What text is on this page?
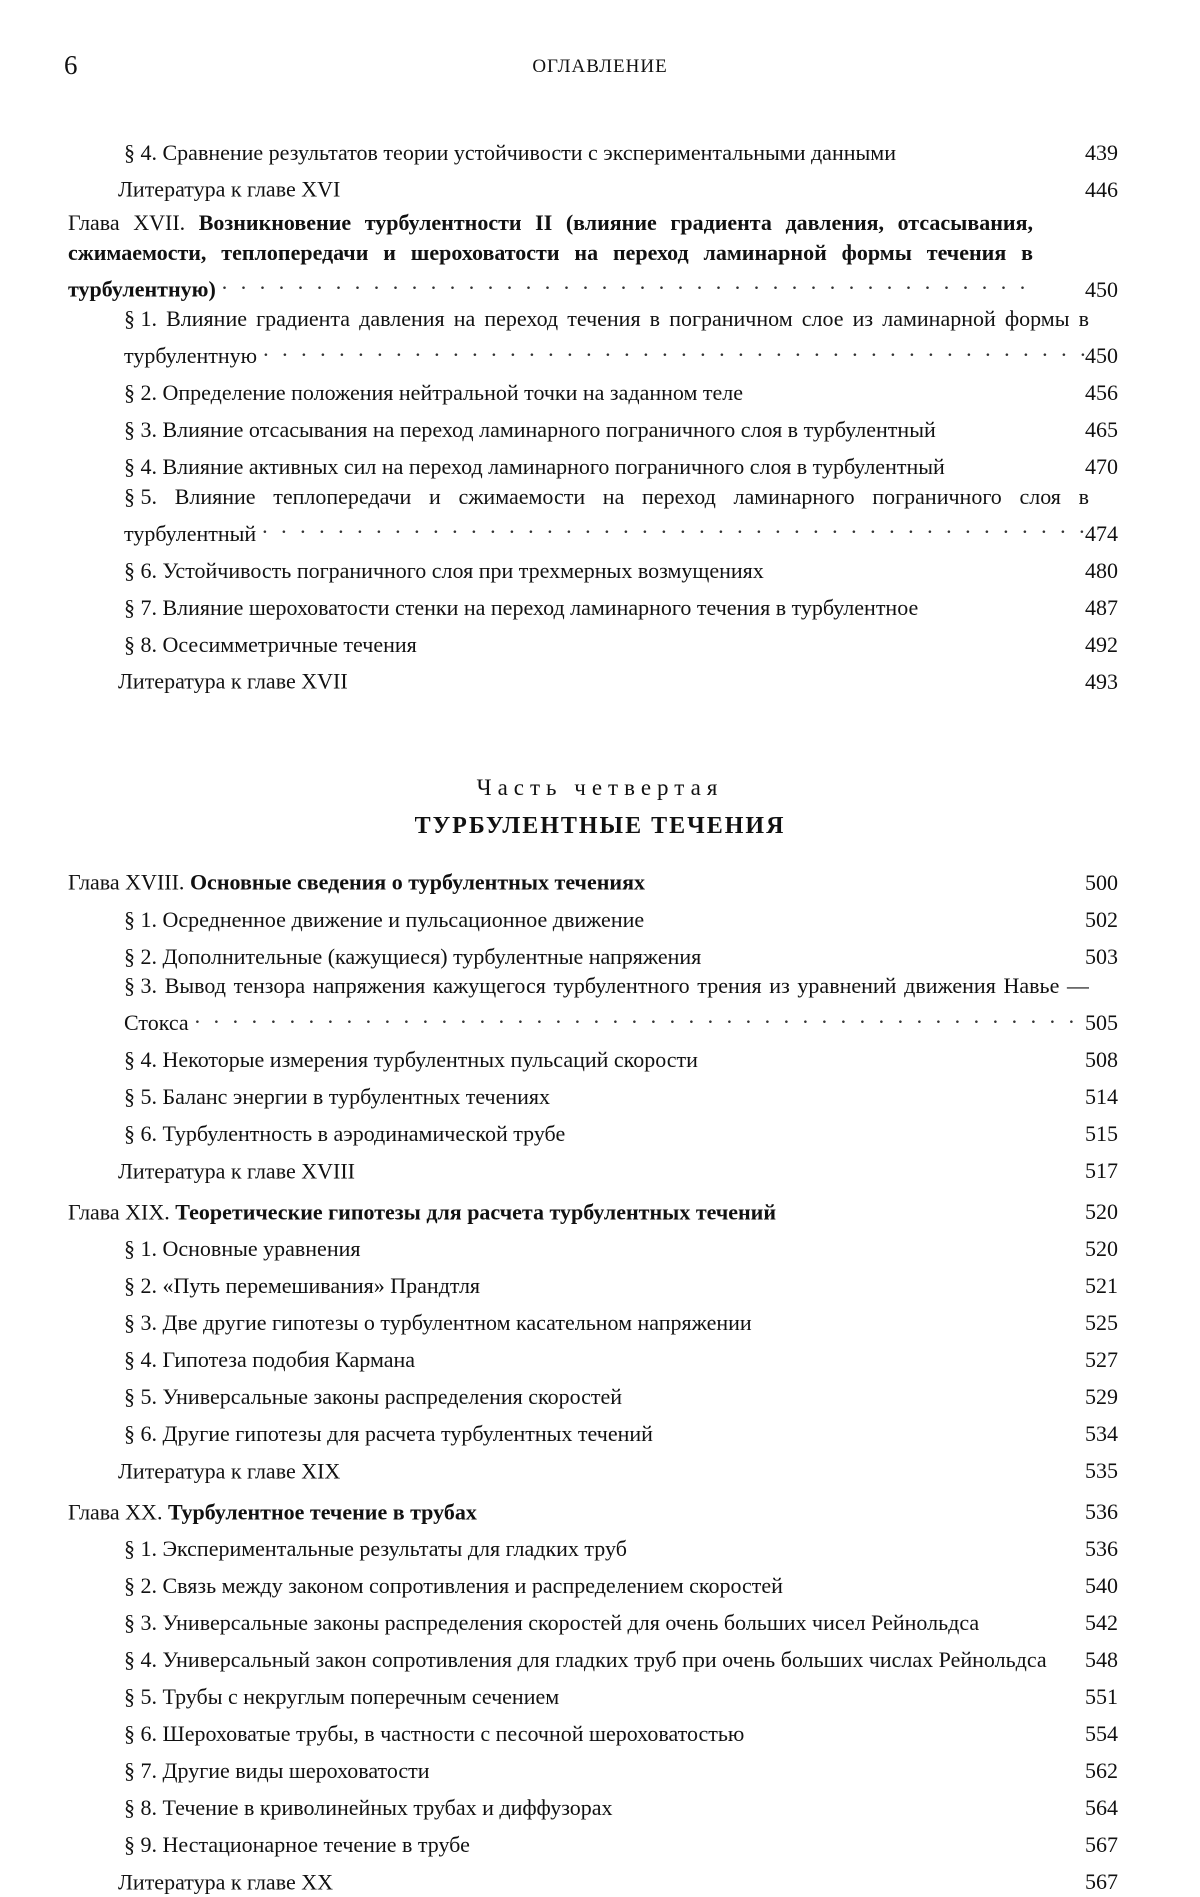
6	ОГЛАВЛЕНИЕ
§ 4. Сравнение результатов теории устойчивости с экспериментальными данными	439
Литература к главе XVI	446
Глава XVII. Возникновение турбулентности II (влияние градиента давления, отсасывания, сжимаемости, теплопередачи и шероховатости на переход ламинарной формы течения в турбулентную) . . .	450
§ 1. Влияние градиента давления на переход течения в пограничном слое из ламинарной формы в турбулентную . . .	450
§ 2. Определение положения нейтральной точки на заданном теле	456
§ 3. Влияние отсасывания на переход ламинарного пограничного слоя в турбулентный	465
§ 4. Влияние активных сил на переход ламинарного пограничного слоя в турбулентный	470
§ 5. Влияние теплопередачи и сжимаемости на переход ламинарного пограничного слоя в турбулентный . . .	474
§ 6. Устойчивость пограничного слоя при трехмерных возмущениях	480
§ 7. Влияние шероховатости стенки на переход ламинарного течения в турбулентное	487
§ 8. Осесимметричные течения	492
Литература к главе XVII	493
Часть четвертая
ТУРБУЛЕНТНЫЕ ТЕЧЕНИЯ
Глава XVIII. Основные сведения о турбулентных течениях	500
§ 1. Осредненное движение и пульсационное движение	502
§ 2. Дополнительные (кажущиеся) турбулентные напряжения	503
§ 3. Вывод тензора напряжения кажущегося турбулентного трения из уравнений движения Навье — Стокса . . .	505
§ 4. Некоторые измерения турбулентных пульсаций скорости	508
§ 5. Баланс энергии в турбулентных течениях	514
§ 6. Турбулентность в аэродинамической трубе	515
Литература к главе XVIII	517
Глава XIX. Теоретические гипотезы для расчета турбулентных течений	520
§ 1. Основные уравнения	520
§ 2. «Путь перемешивания» Прандтля	521
§ 3. Две другие гипотезы о турбулентном касательном напряжении	525
§ 4. Гипотеза подобия Кармана	527
§ 5. Универсальные законы распределения скоростей	529
§ 6. Другие гипотезы для расчета турбулентных течений	534
Литература к главе XIX	535
Глава XX. Турбулентное течение в трубах	536
§ 1. Экспериментальные результаты для гладких труб	536
§ 2. Связь между законом сопротивления и распределением скоростей	540
§ 3. Универсальные законы распределения скоростей для очень больших чисел Рейнольдса	542
§ 4. Универсальный закон сопротивления для гладких труб при очень больших числах Рейнольдса	548
§ 5. Трубы с некруглым поперечным сечением	551
§ 6. Шероховатые трубы, в частности с песочной шероховатостью	554
§ 7. Другие виды шероховатости	562
§ 8. Течение в криволинейных трубах и диффузорах	564
§ 9. Нестационарное течение в трубе	567
Литература к главе XX	567
